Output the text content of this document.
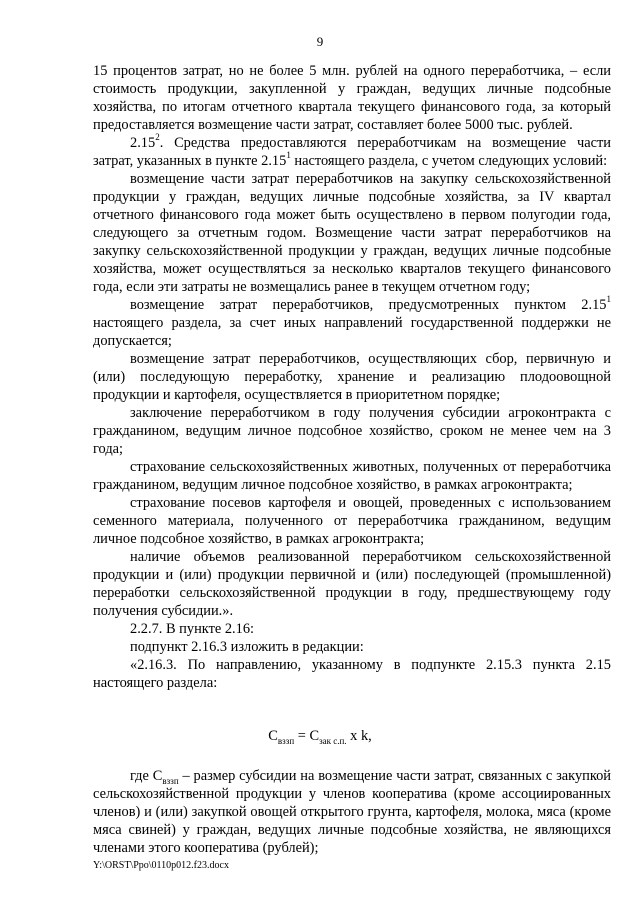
9

15 процентов затрат, но не более 5 млн. рублей на одного переработчика, – если стоимость продукции, закупленной у граждан, ведущих личные подсобные хозяйства, по итогам отчетного квартала текущего финансового года, за который предоставляется возмещение части затрат, составляет более 5000 тыс. рублей.

2.15$^2$. Средства предоставляются переработчикам на возмещение части затрат, указанных в пункте 2.15$^1$ настоящего раздела, с учетом следующих условий:

возмещение части затрат переработчиков на закупку сельскохозяйственной продукции у граждан, ведущих личные подсобные хозяйства, за IV квартал отчетного финансового года может быть осуществлено в первом полугодии года, следующего за отчетным годом. Возмещение части затрат переработчиков на закупку сельскохозяйственной продукции у граждан, ведущих личные подсобные хозяйства, может осуществляться за несколько кварталов текущего финансового года, если эти затраты не возмещались ранее в текущем отчетном году;

возмещение затрат переработчиков, предусмотренных пунктом 2.15$^1$ настоящего раздела, за счет иных направлений государственной поддержки не допускается;

возмещение затрат переработчиков, осуществляющих сбор, первичную и (или) последующую переработку, хранение и реализацию плодоовощной продукции и картофеля, осуществляется в приоритетном порядке;

заключение переработчиком в году получения субсидии агроконтракта с гражданином, ведущим личное подсобное хозяйство, сроком не менее чем на 3 года;

страхование сельскохозяйственных животных, полученных от переработчика гражданином, ведущим личное подсобное хозяйство, в рамках агроконтракта;

страхование посевов картофеля и овощей, проведенных с использованием семенного материала, полученного от переработчика гражданином, ведущим личное подсобное хозяйство, в рамках агроконтракта;

наличие объемов реализованной переработчиком сельскохозяйственной продукции и (или) продукции первичной и (или) последующей (промышленной) переработки сельскохозяйственной продукции в году, предшествующему году получения субсидии.».

2.2.7. В пункте 2.16:

подпункт 2.16.3 изложить в редакции:

«2.16.3. По направлению, указанному в подпункте 2.15.3 пункта 2.15 настоящего раздела:

$С_{вззп} = С_{зак с.п.}$ x k,

где $С_{вззп}$ – размер субсидии на возмещение части затрат, связанных с закупкой сельскохозяйственной продукции у членов кооператива (кроме ассоциированных членов) и (или) закупкой овощей открытого грунта, картофеля, молока, мяса (кроме мяса свиней) у граждан, ведущих личные подсобные хозяйства, не являющихся членами этого кооператива (рублей);

Y:\ORST\Ppo\0110p012.f23.docx
